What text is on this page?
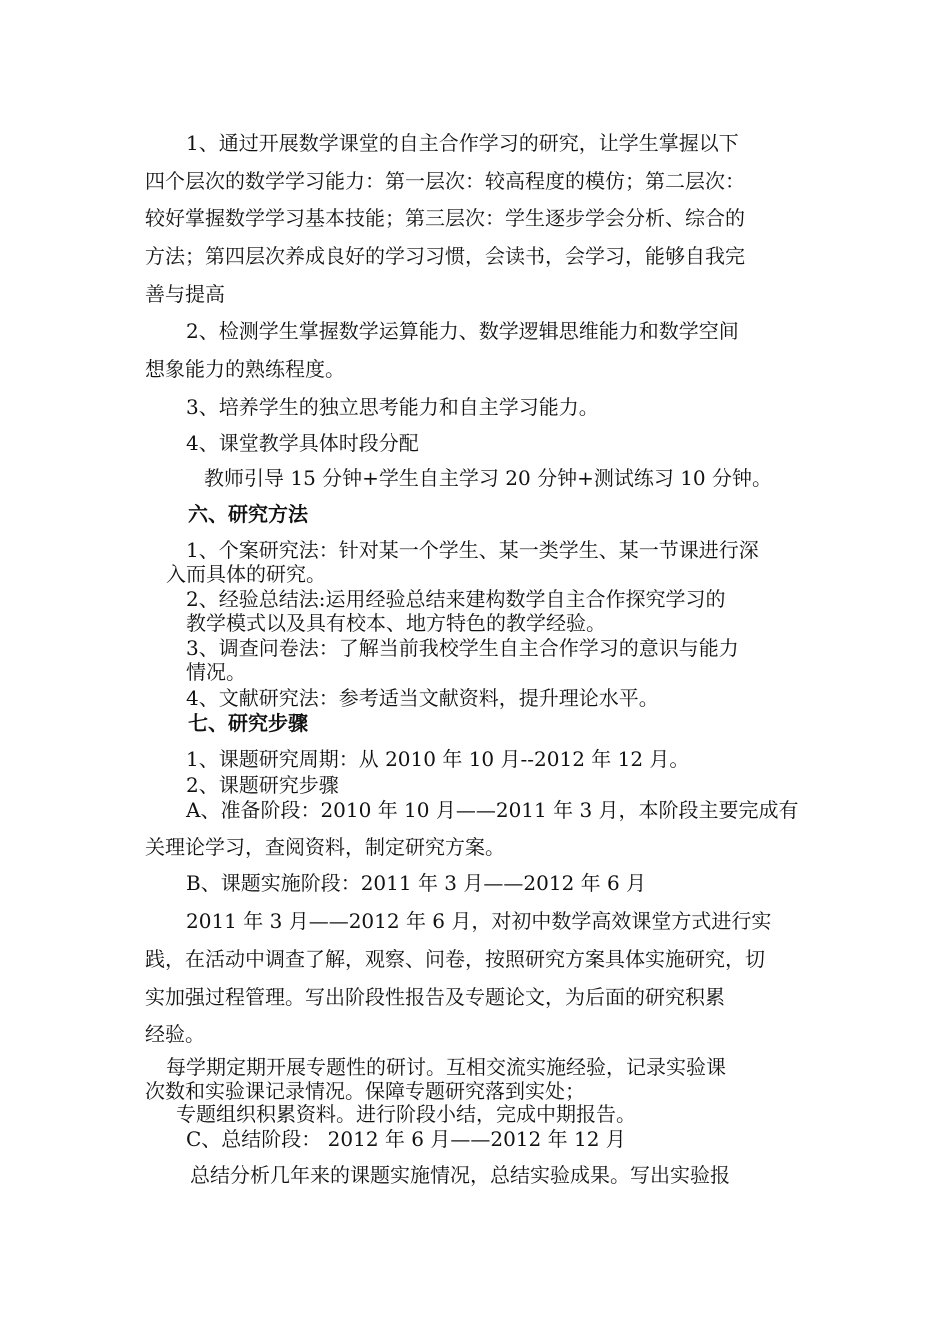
1、通过开展数学课堂的自主合作学习的研究，让学生掌握以下
四个层次的数学学习能力：第一层次：较高程度的模仿；第二层次：
较好掌握数学学习基本技能；第三层次：学生逐步学会分析、综合的
方法；第四层次养成良好的学习习惯，会读书，会学习，能够自我完
善与提高
2、检测学生掌握数学运算能力、数学逻辑思维能力和数学空间
想象能力的熟练程度。
3、培养学生的独立思考能力和自主学习能力。
4、课堂教学具体时段分配
教师引导 15 分钟+学生自主学习 20 分钟+测试练习 10 分钟。
六、研究方法
1、个案研究法：针对某一个学生、某一类学生、某一节课进行深
入而具体的研究。
2、经验总结法:运用经验总结来建构数学自主合作探究学习的
教学模式以及具有校本、地方特色的教学经验。
3、调查问卷法：了解当前我校学生自主合作学习的意识与能力
情况。
4、文献研究法：参考适当文献资料，提升理论水平。
七、研究步骤
1、课题研究周期：从 2010 年 10 月--2012 年 12 月。
2、课题研究步骤
A、准备阶段：2010 年 10 月——2011 年 3 月，本阶段主要完成有
关理论学习，查阅资料，制定研究方案。
B、课题实施阶段：2011 年 3 月——2012 年 6 月
2011 年 3 月——2012 年 6 月，对初中数学高效课堂方式进行实
践，在活动中调查了解，观察、问卷，按照研究方案具体实施研究，切
实加强过程管理。写出阶段性报告及专题论文，为后面的研究积累
经验。
每学期定期开展专题性的研讨。互相交流实施经验，记录实验课
次数和实验课记录情况。保障专题研究落到实处；
专题组织积累资料。进行阶段小结，完成中期报告。
C、总结阶段： 2012 年 6 月——2012 年 12 月
总结分析几年来的课题实施情况，总结实验成果。写出实验报
